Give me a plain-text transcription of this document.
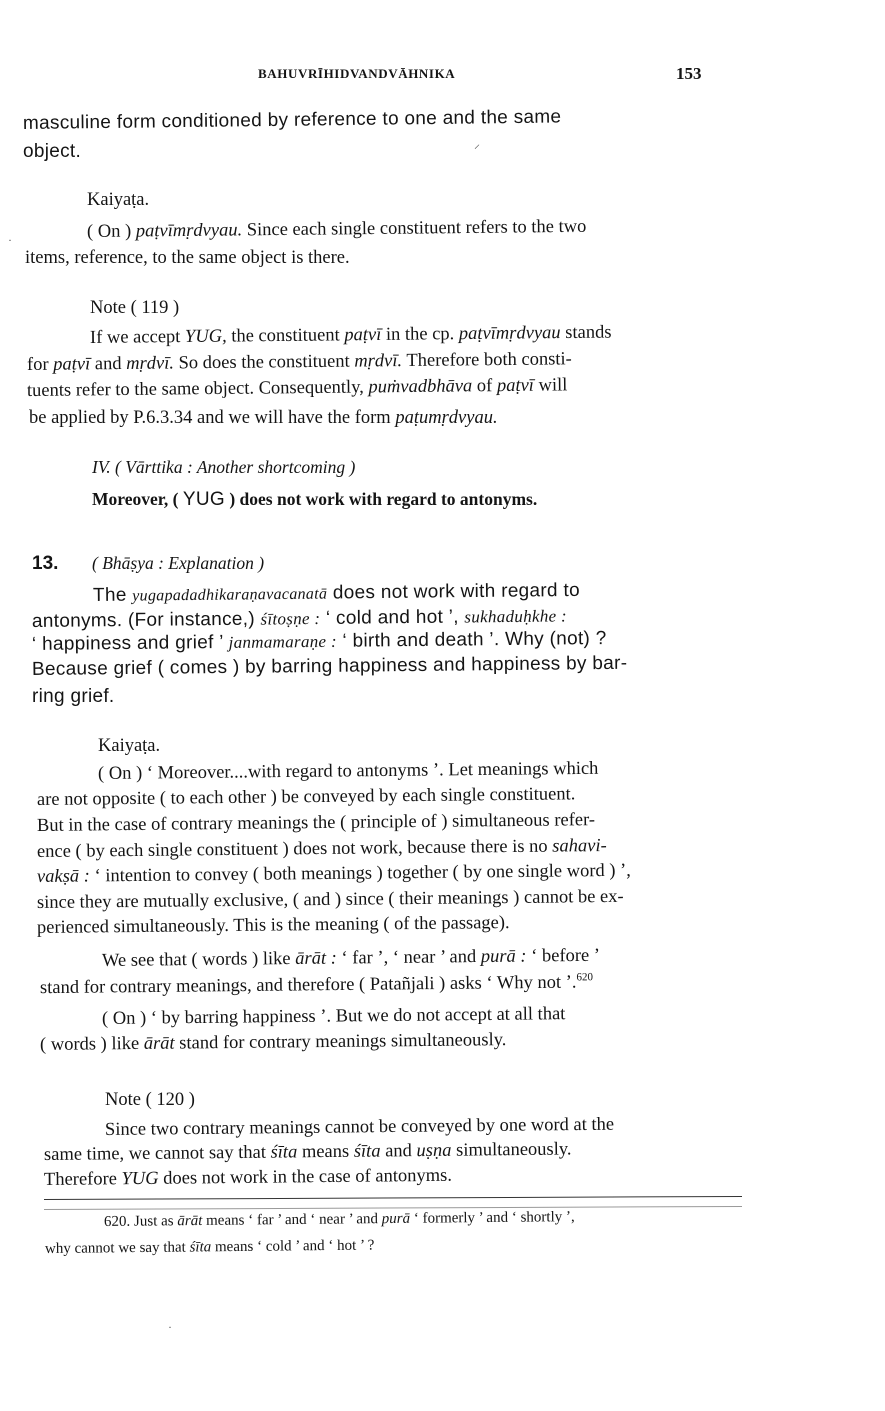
BAHUVRĪHIDVANDVĀHNIKA	153
masculine form conditioned by reference to one and the same
object.
Kaiyaṭa.
( On ) paṭvīmṛdvyau. Since each single constituent refers to the two
items, reference, to the same object is there.
Note ( 119 )
If we accept YUG, the constituent paṭvī in the cp. paṭvīmṛdvyau stands
for paṭvī and mṛdvī. So does the constituent mṛdvī. Therefore both consti-
tuents refer to the same object. Consequently, puṁvadbhāva of paṭvī will
be applied by P.6.3.34 and we will have the form paṭumṛdvyau.
IV. ( Vārttika : Another shortcoming )
Moreover, ( YUG ) does not work with regard to antonyms.
13. ( Bhāṣya : Explanation )
The yugapadadhikaraṇavacanatā does not work with regard to
antonyms. (For instance,) śītoṣṇe : ‘ cold and hot ’, sukhaduḥkhe :
‘ happiness and grief ’ janmamaraṇe : ‘ birth and death ’. Why (not) ?
Because grief ( comes ) by barring happiness and happiness by bar-
ring grief.
Kaiyaṭa.
( On ) ‘ Moreover....with regard to antonyms ’. Let meanings which
are not opposite ( to each other ) be conveyed by each single constituent.
But in the case of contrary meanings the ( principle of ) simultaneous refer-
ence ( by each single constituent ) does not work, because there is no sahavi-
vakṣā : ‘ intention to convey ( both meanings ) together ( by one single word ) ’,
since they are mutually exclusive, ( and ) since ( their meanings ) cannot be ex-
perienced simultaneously. This is the meaning ( of the passage).
We see that ( words ) like ārāt : ‘ far ’, ‘ near ’ and purā : ‘ before ’
stand for contrary meanings, and therefore ( Patañjali ) asks ‘ Why not ’.$^{620}$
( On ) ‘ by barring happiness ’. But we do not accept at all that
( words ) like ārāt stand for contrary meanings simultaneously.
Note ( 120 )
Since two contrary meanings cannot be conveyed by one word at the
same time, we cannot say that śīta means śīta and uṣṇa simultaneously.
Therefore YUG does not work in the case of antonyms.
620. Just as ārāt means ‘ far ’ and ‘ near ’ and purā ‘ formerly ’ and ‘ shortly ’,
why cannot we say that śīta means ‘ cold ’ and ‘ hot ’ ?
⸝
·
·
